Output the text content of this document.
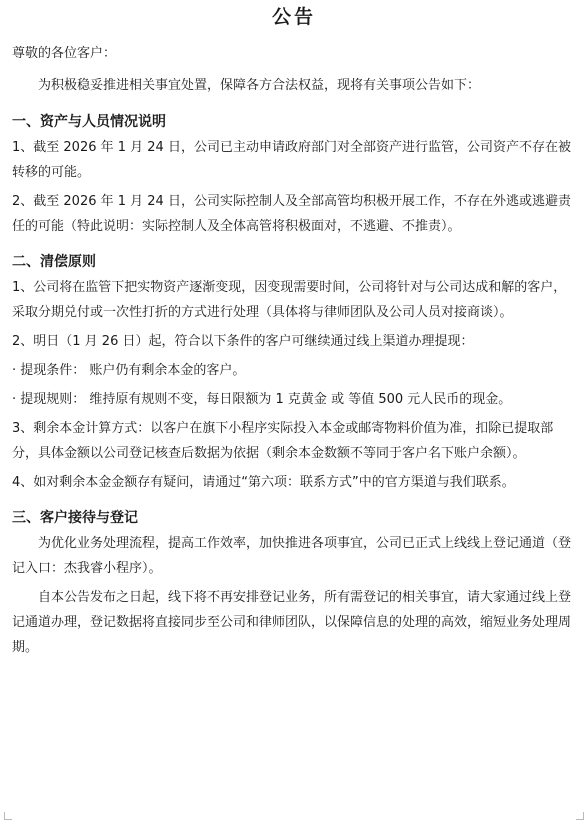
公告

尊敬的各位客户：

为积极稳妥推进相关事宜处置，保障各方合法权益，现将有关事项公告如下：

一、资产与人员情况说明

1、截至 2026 年 1 月 24 日，公司已主动申请政府部门对全部资产进行监管，公司资产不存在被转移的可能。

2、截至 2026 年 1 月 24 日，公司实际控制人及全部高管均积极开展工作，不存在外逃或逃避责任的可能（特此说明：实际控制人及全体高管将积极面对，不逃避、不推责）。

二、清偿原则

1、公司将在监管下把实物资产逐渐变现，因变现需要时间，公司将针对与公司达成和解的客户，采取分期兑付或一次性打折的方式进行处理（具体将与律师团队及公司人员对接商谈）。

2、明日（1 月 26 日）起，符合以下条件的客户可继续通过线上渠道办理提现：

· 提现条件： 账户仍有剩余本金的客户。

· 提现规则： 维持原有规则不变，每日限额为 1 克黄金 或 等值 500 元人民币的现金。

3、剩余本金计算方式：以客户在旗下小程序实际投入本金或邮寄物料价值为准，扣除已提取部分，具体金额以公司登记核查后数据为依据（剩余本金数额不等同于客户名下账户余额）。

4、如对剩余本金金额存有疑问，请通过“第六项：联系方式”中的官方渠道与我们联系。

三、客户接待与登记

为优化业务处理流程，提高工作效率，加快推进各项事宜，公司已正式上线线上登记通道（登记入口：杰我睿小程序）。

自本公告发布之日起，线下将不再安排登记业务，所有需登记的相关事宜，请大家通过线上登记通道办理，登记数据将直接同步至公司和律师团队，以保障信息的处理的高效，缩短业务处理周期。
